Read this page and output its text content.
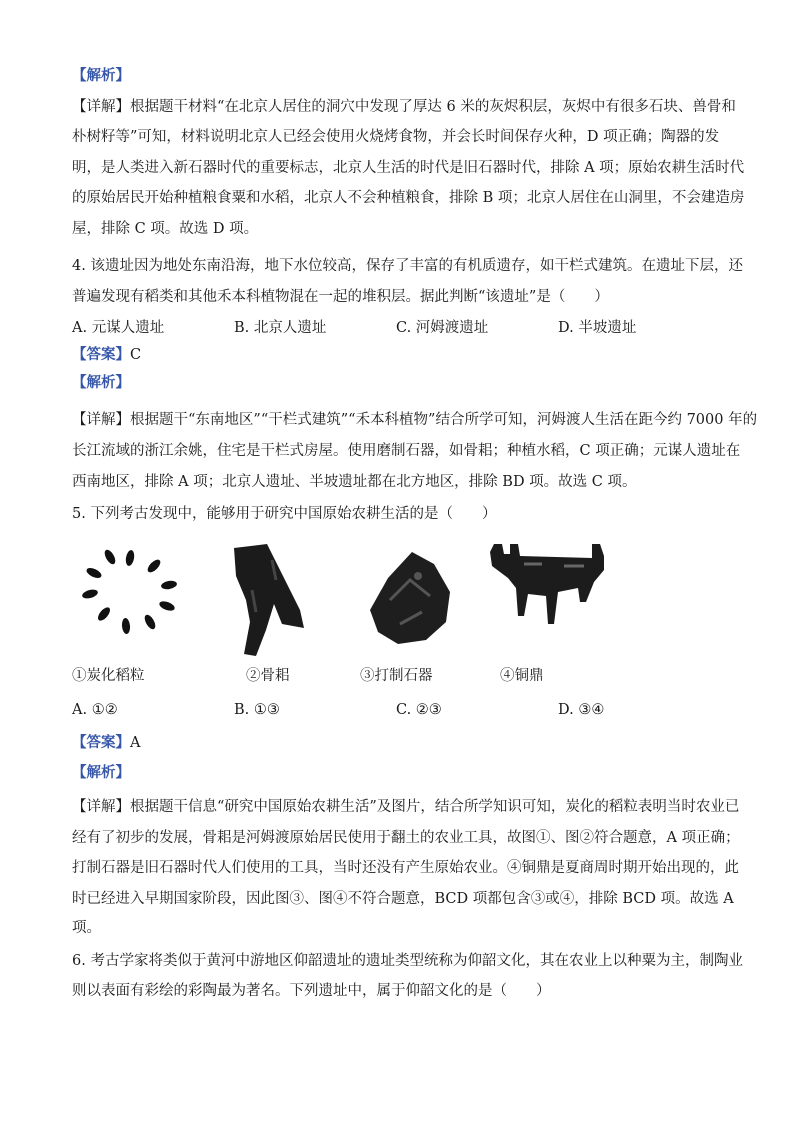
【解析】
【详解】根据题干材料“在北京人居住的洞穴中发现了厚达 6 米的灰烬积层，灰烬中有很多石块、兽骨和
朴树籽等”可知，材料说明北京人已经会使用火烧烤食物，并会长时间保存火种，D 项正确；陶器的发
明，是人类进入新石器时代的重要标志，北京人生活的时代是旧石器时代，排除 A 项；原始农耕生活时代
的原始居民开始种植粮食粟和水稻，北京人不会种植粮食，排除 B 项；北京人居住在山洞里，不会建造房
屋，排除 C 项。故选 D 项。
4. 该遗址因为地处东南沿海，地下水位较高，保存了丰富的有机质遗存，如干栏式建筑。在遗址下层，还
普遍发现有稻类和其他禾本科植物混在一起的堆积层。据此判断“该遗址”是（　　）
A. 元谋人遗址	B. 北京人遗址	C. 河姆渡遗址	D. 半坡遗址
【答案】C
【解析】
【详解】根据题干“东南地区”“干栏式建筑”“禾本科植物”结合所学可知，河姆渡人生活在距今约 7000 年的
长江流域的浙江余姚，住宅是干栏式房屋。使用磨制石器，如骨耜；种植水稻，C 项正确；元谋人遗址在
西南地区，排除 A 项；北京人遗址、半坡遗址都在北方地区，排除 BD 项。故选 C 项。
5. 下列考古发现中，能够用于研究中国原始农耕生活的是（　　）
①炭化稻粒	②骨耜	③打制石器	④铜鼎
A. ①②	B. ①③	C. ②③	D. ③④
【答案】A
【解析】
【详解】根据题干信息“研究中国原始农耕生活”及图片，结合所学知识可知，炭化的稻粒表明当时农业已
经有了初步的发展，骨耜是河姆渡原始居民使用于翻土的农业工具，故图①、图②符合题意，A 项正确；
打制石器是旧石器时代人们使用的工具，当时还没有产生原始农业。④铜鼎是夏商周时期开始出现的，此
时已经进入早期国家阶段，因此图③、图④不符合题意，BCD 项都包含③或④，排除 BCD 项。故选 A
项。
6. 考古学家将类似于黄河中游地区仰韶遗址的遗址类型统称为仰韶文化，其在农业上以种粟为主，制陶业
则以表面有彩绘的彩陶最为著名。下列遗址中，属于仰韶文化的是（　　）
